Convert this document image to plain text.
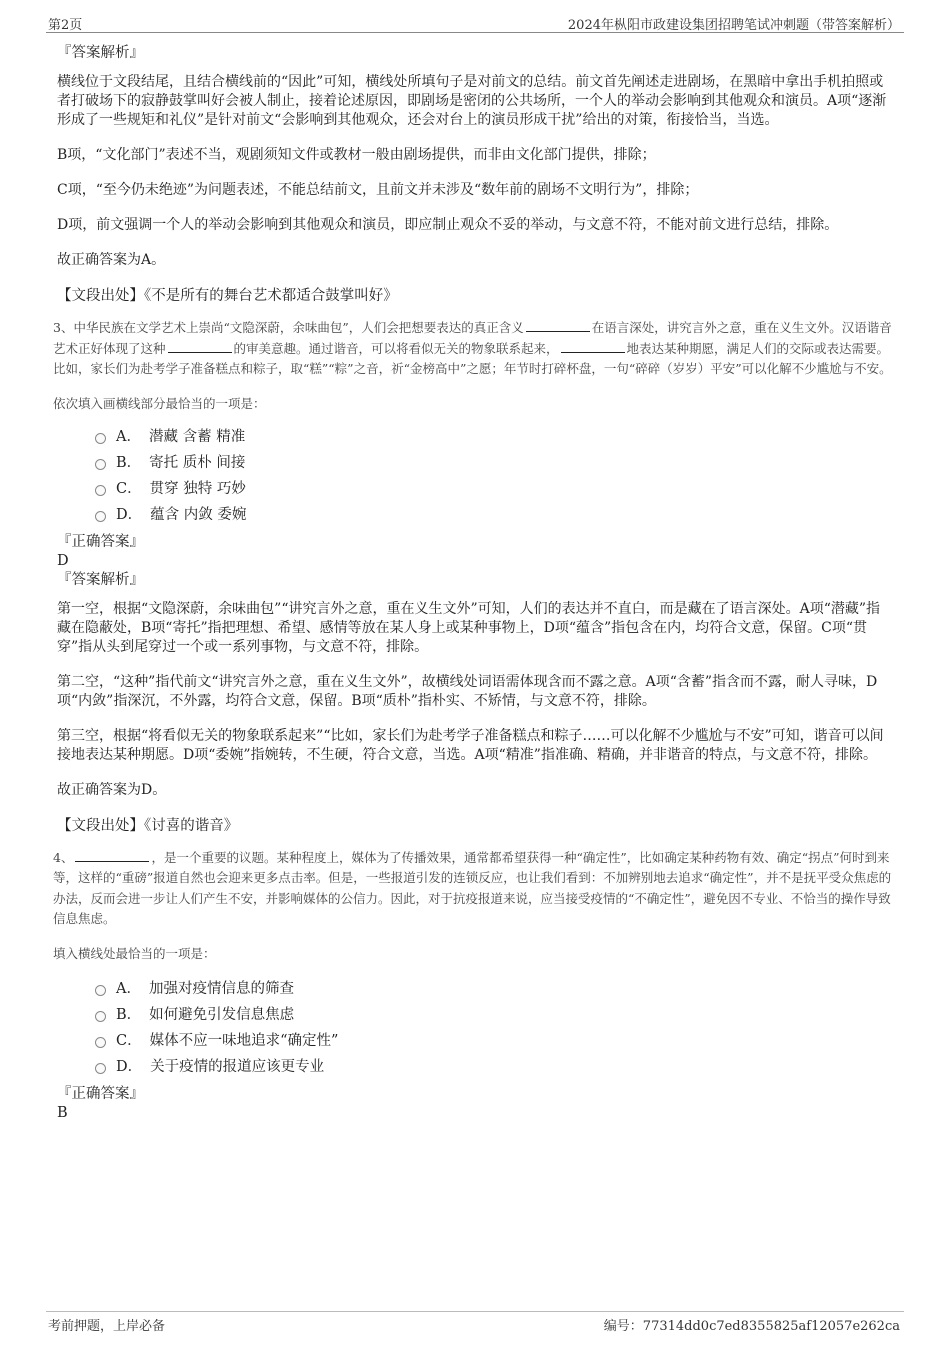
第2页	2024年枞阳市政建设集团招聘笔试冲刺题（带答案解析）

『答案解析』

横线位于文段结尾，且结合横线前的“因此”可知，横线处所填句子是对前文的总结。前文首先阐述走进剧场，在黑暗中拿出手机拍照或者打破场下的寂静鼓掌叫好会被人制止，接着论述原因，即剧场是密闭的公共场所，一个人的举动会影响到其他观众和演员。A项“逐渐形成了一些规矩和礼仪”是针对前文“会影响到其他观众，还会对台上的演员形成干扰”给出的对策，衔接恰当，当选。

B项，“文化部门”表述不当，观剧须知文件或教材一般由剧场提供，而非由文化部门提供，排除；

C项，“至今仍未绝迹”为问题表述，不能总结前文，且前文并未涉及“数年前的剧场不文明行为”，排除；

D项，前文强调一个人的举动会影响到其他观众和演员，即应制止观众不妥的举动，与文意不符，不能对前文进行总结，排除。

故正确答案为A。

【文段出处】《不是所有的舞台艺术都适合鼓掌叫好》

3、中华民族在文学艺术上崇尚“文隐深蔚，余味曲包”，人们会把想要表达的真正含义	在语言深处，讲究言外之意，重在义生文外。汉语谐音艺术正好体现了这种	的审美意趣。通过谐音，可以将看似无关的物象联系起来，	地表达某种期愿，满足人们的交际或表达需要。比如，家长们为赴考学子准备糕点和粽子，取“糕”“粽”之音，祈“金榜高中”之愿；年节时打碎杯盘，一句“碎碎（岁岁）平安”可以化解不少尴尬与不安。

依次填入画横线部分最恰当的一项是：

A． 潜藏 含蓄 精准
B． 寄托 质朴 间接
C． 贯穿 独特 巧妙
D． 蕴含 内敛 委婉

『正确答案』

D

『答案解析』

第一空，根据“文隐深蔚，余味曲包”“讲究言外之意，重在义生文外”可知，人们的表达并不直白，而是藏在了语言深处。A项“潜藏”指藏在隐蔽处，B项“寄托”指把理想、希望、感情等放在某人身上或某种事物上，D项“蕴含”指包含在内，均符合文意，保留。C项“贯穿”指从头到尾穿过一个或一系列事物，与文意不符，排除。

第二空，“这种”指代前文“讲究言外之意，重在义生文外”，故横线处词语需体现含而不露之意。A项“含蓄”指含而不露，耐人寻味，D项“内敛”指深沉，不外露，均符合文意，保留。B项“质朴”指朴实、不矫情，与文意不符，排除。

第三空，根据“将看似无关的物象联系起来”“比如，家长们为赴考学子准备糕点和粽子……可以化解不少尴尬与不安”可知，谐音可以间接地表达某种期愿。D项“委婉”指婉转，不生硬，符合文意，当选。A项“精准”指准确、精确，并非谐音的特点，与文意不符，排除。

故正确答案为D。

【文段出处】《讨喜的谐音》

4、	，是一个重要的议题。某种程度上，媒体为了传播效果，通常都希望获得一种“确定性”，比如确定某种药物有效、确定“拐点”何时到来等，这样的“重磅”报道自然也会迎来更多点击率。但是，一些报道引发的连锁反应，也让我们看到：不加辨别地去追求“确定性”，并不是抚平受众焦虑的办法，反而会进一步让人们产生不安，并影响媒体的公信力。因此，对于抗疫报道来说，应当接受疫情的“不确定性”，避免因不专业、不恰当的操作导致信息焦虑。

填入横线处最恰当的一项是：

A． 加强对疫情信息的筛查
B． 如何避免引发信息焦虑
C． 媒体不应一味地追求“确定性”
D． 关于疫情的报道应该更专业

『正确答案』

B

考前押题，上岸必备	编号：77314dd0c7ed8355825af12057e262ca
